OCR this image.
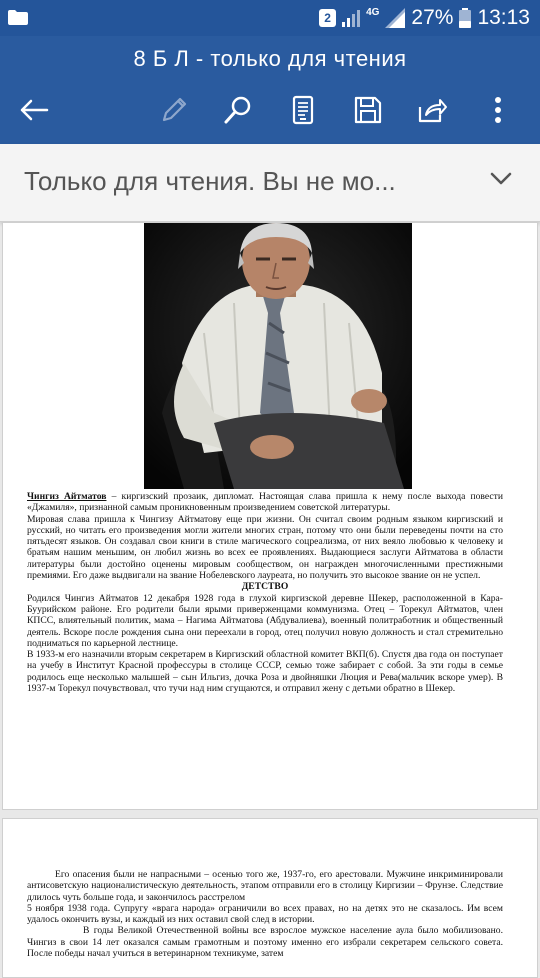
2	4G 27% 13:13
8 Б Л - только для чтения
Только для чтения. Вы не мо...

Чингиз Айтматов – киргизский прозаик, дипломат. Настоящая слава пришла к нему после выхода повести «Джамиля», признанной самым проникновенным произведением советской литературы.

Мировая слава пришла к Чингизу Айтматову еще при жизни. Он считал своим родным языком киргизский и русский, но читать его произведения могли жители многих стран, потому что они были переведены почти на сто пятьдесят языков. Он создавал свои книги в стиле магического соцреализма, от них веяло любовью к человеку и братьям нашим меньшим, он любил жизнь во всех ее проявлениях. Выдающиеся заслуги Айтматова в области литературы были достойно оценены мировым сообществом, он награжден многочисленными престижными премиями. Его даже выдвигали на звание Нобелевского лауреата, но получить это высокое звание он не успел.

ДЕТСТВО

Родился Чингиз Айтматов 12 декабря 1928 года в глухой киргизской деревне Шекер, расположенной в Кара-Буурийском районе. Его родители были ярыми приверженцами коммунизма. Отец – Торекул Айтматов, член КПСС, влиятельный политик, мама – Нагима Айтматова (Абдувалиева), военный политработник и общественный деятель. Вскоре после рождения сына они переехали в город, отец получил новую должность и стал стремительно подниматься по карьерной лестнице.

В 1933-м его назначили вторым секретарем в Киргизский областной комитет ВКП(б). Спустя два года он поступает на учебу в Институт Красной профессуры в столице СССР, семью тоже забирает с собой. За эти годы в семье родилось еще несколько малышей – сын Ильгиз, дочка Роза и двойняшки Люция и Рева(мальчик вскоре умер). В 1937-м Торекул почувствовал, что тучи над ним сгущаются, и отправил жену с детьми обратно в Шекер.

Его опасения были не напрасными – осенью того же, 1937-го, его арестовали. Мужчине инкриминировали антисоветскую националистическую деятельность, этапом отправили его в столицу Киргизии – Фрунзе. Следствие длилось чуть больше года, и закончилось расстрелом
5 ноября 1938 года. Супругу «врага народа» ограничили во всех правах, но на детях это не сказалось. Им всем удалось окончить вузы, и каждый из них оставил свой след в истории.

В годы Великой Отечественной войны все взрослое мужское население аула было мобилизовано. Чингиз в свои 14 лет оказался самым грамотным и поэтому именно его избрали секретарем сельского совета. После победы начал учиться в ветеринарном техникуме, затем
